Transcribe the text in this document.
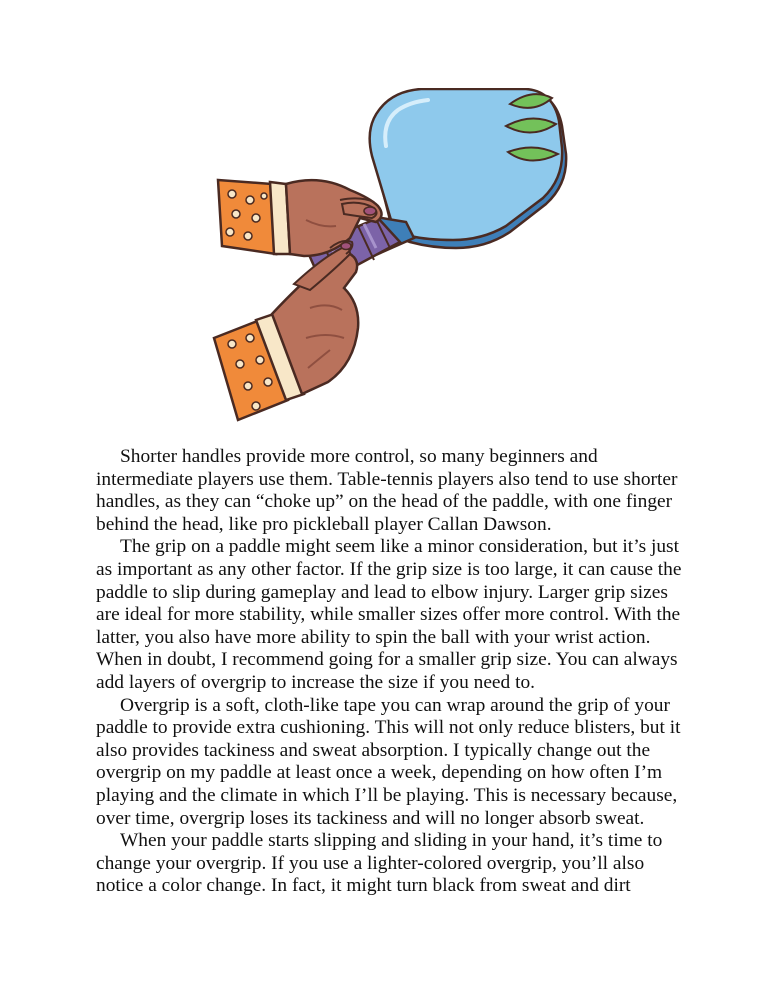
Shorter handles provide more control, so many beginners and intermediate players use them. Table-tennis players also tend to use shorter handles, as they can “choke up” on the head of the paddle, with one finger behind the head, like pro pickleball player Callan Dawson.

The grip on a paddle might seem like a minor consideration, but it’s just as important as any other factor. If the grip size is too large, it can cause the paddle to slip during gameplay and lead to elbow injury. Larger grip sizes are ideal for more stability, while smaller sizes offer more control. With the latter, you also have more ability to spin the ball with your wrist action. When in doubt, I recommend going for a smaller grip size. You can always add layers of overgrip to increase the size if you need to.

Overgrip is a soft, cloth-like tape you can wrap around the grip of your paddle to provide extra cushioning. This will not only reduce blisters, but it also provides tackiness and sweat absorption. I typically change out the overgrip on my paddle at least once a week, depending on how often I’m playing and the climate in which I’ll be playing. This is necessary because, over time, overgrip loses its tackiness and will no longer absorb sweat.

When your paddle starts slipping and sliding in your hand, it’s time to change your overgrip. If you use a lighter-colored overgrip, you’ll also notice a color change. In fact, it might turn black from sweat and dirt
